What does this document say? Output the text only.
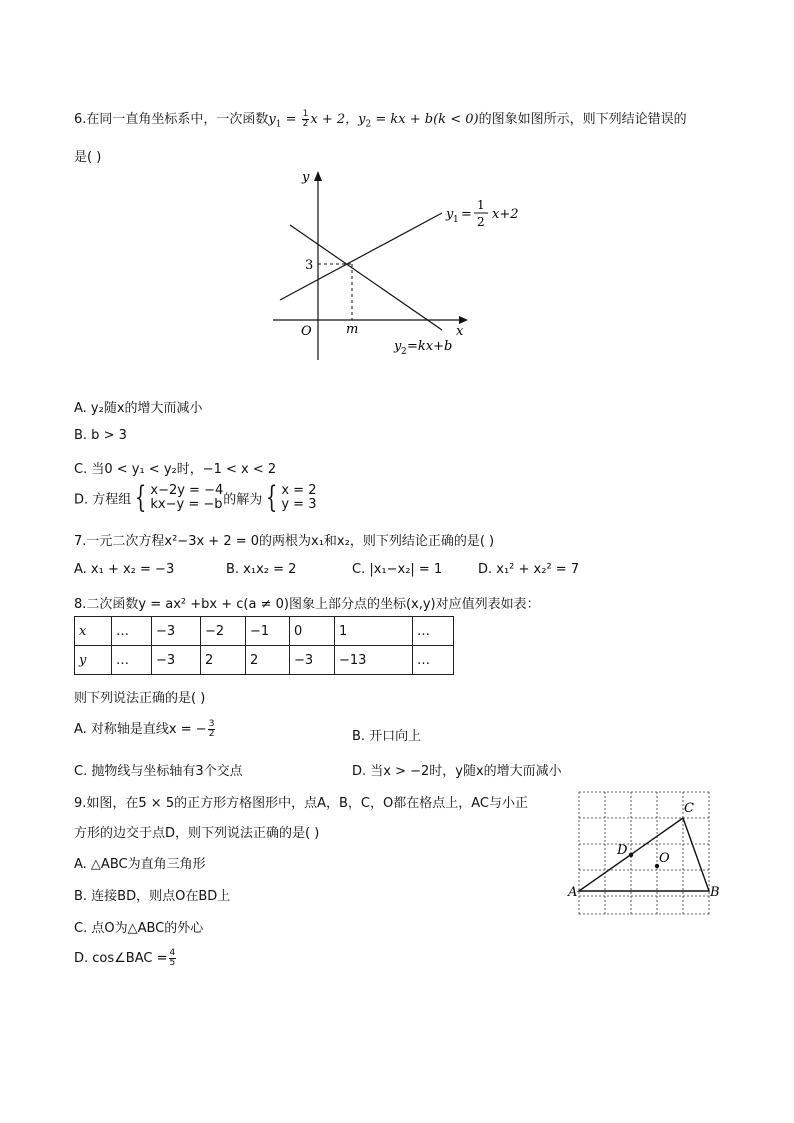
6.在同一直角坐标系中，一次函数$y_1 = \frac{1}{2}$ x + 2，$y_2$ = kx + b(k < 0)的图象如图所示，则下列结论错误的
是( )
y
x
O
3
m
y 1 =
1
2 x+2
y 2 =kx+b
A. y₂随x的增大而减小
B. b > 3
C. 当0 < y₁ < y₂时，−1 < x < 2
D. 方程组 { x−2y = −4
kx−y = −b 的解为 { x = 2
y = 3
7.一元二次方程x²−3x + 2 = 0的两根为x₁和x₂，则下列结论正确的是( )
A. x₁ + x₂ = −3	B. x₁x₂ = 2	C. |x₁−x₂| = 1	D. x₁² + x₂² = 7
8.二次函数y = ax² +bx + c(a ≠ 0)图象上部分点的坐标(x,y)对应值列表如表：
x	…	−3	−2	−1	0	1	…
y	…	−3	2	2	−3	−13	…
则下列说法正确的是( )
A. 对称轴是直线x = − $\frac{3}{2}$	B. 开口向上
C. 抛物线与坐标轴有3个交点	D. 当x > −2时，y随x的增大而减小
9.如图，在5 × 5的正方形方格图形中，点A，B，C，O都在格点上，AC与小正
方形的边交于点D，则下列说法正确的是( )
A. △ABC为直角三角形
B. 连接BD，则点O在BD上
C. 点O为△ABC的外心
D. cos∠BAC = $\frac{4}{5}$
A	B
C
D
O
